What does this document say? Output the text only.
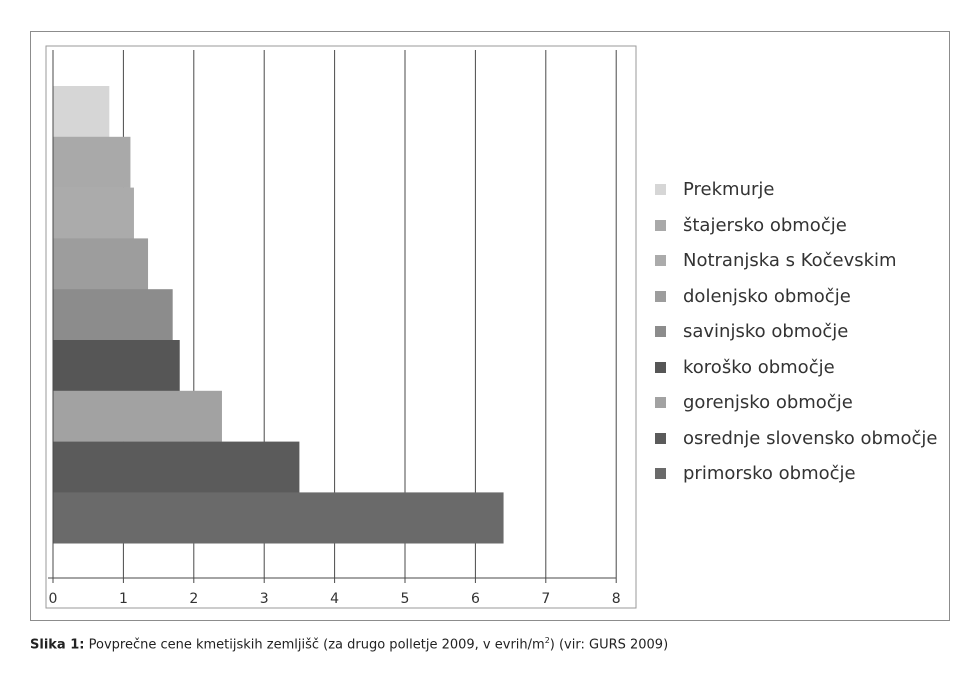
0	1	2	3	4	5	6	7	8
Prekmurje
štajersko območje
Notranjska s Kočevskim
dolenjsko območje
savinjsko območje
koroško območje
gorenjsko območje
osrednje slovensko območje
primorsko območje
Slika 1: Povprečne cene kmetijskih zemljišč (za drugo polletje 2009, v evrih/$m^2$) (vir: GURS 2009)
